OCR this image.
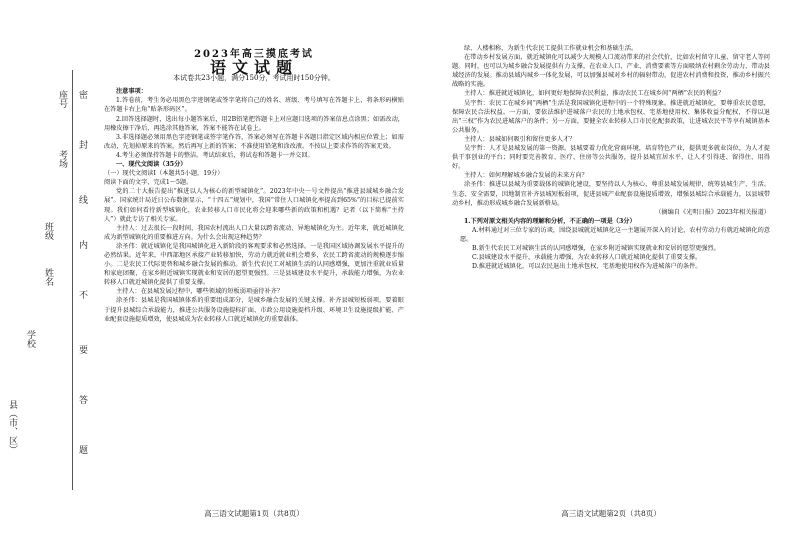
县（市、区）
学校
姓名
班级
考场
座号 密
封
线
内
不
要
答
题
2023年高三摸底考试
语文试题
本试卷共23小题，满分150分，考试用时150分钟。

注意事项：

1.答卷前，考生务必用黑色字迹钢笔或签字笔将自己的姓名、班级、考号填写在答题卡上，将条形码横贴在答题卡右上角“贴条形码区”。

2.回答选择题时，选出每小题答案后，用2B铅笔把答题卡上对应题目选项的答案信息点涂黑；如需改动，用橡皮擦干净后，再选涂其他答案，答案不能答在试卷上。

3.非选择题必须用黑色字迹钢笔或签字笔作答，答案必须写在答题卡各题目指定区域内相应位置上；如需改动，先划掉原来的答案，然后再写上新的答案；不准使用铅笔和涂改液。不按以上要求作答的答案无效。

4.考生必须保持答题卡的整洁。考试结束后，将试卷和答题卡一并交回。

一、现代文阅读（35分）

（一）现代文阅读Ⅰ（本题共5小题，19分）

阅读下面的文字，完成1～5题。

党的二十大报告提出“推进以人为核心的新型城镇化”。2023年中央一号文件提出“推进县域城乡融合发展”。国家统计局近日公布数据显示，“十四五”规划中，我国“常住人口城镇化率提高到65%”的目标已提前实现。我们如何看待新型城镇化，农业转移人口市民化将会迎来哪些新的政策和机遇？记者（以下简称“主持人”）就此专访了相关专家。

主持人：过去很长一段时间，我国农村流出人口大量以跨省流动、异地城镇化为主。近年来，就近城镇化成为新型城镇化的重要推进方向。为什么会出现这种趋势？

涂圣伟：就近城镇化是我国城镇化进入新阶段的客观要求和必然选择。一是我国区域协调发展水平提升的必然结果。近年来，中西部地区承接产业转移加快，劳动力就近就业机会增多，农民工跨省流动的规模逐步缩小。二是农民工代际更替和城乡融合发展的推动。新生代农民工对城镇生活的认同感增强，更加注重就业质量和家庭团聚，在家乡附近城镇实现就业和安居的愿望更强烈。三是县城建设水平提升，承载能力增强，为农业转移人口就近城镇化提供了重要支撑。

主持人：在县城发展过程中，哪些领域的短板弱项亟待补齐？

涂圣伟：县城是我国城镇体系的重要组成部分，是城乡融合发展的关键支撑。补齐县城短板弱项，要着眼于提升县城综合承载能力，推进公共服务设施提标扩面、市政公用设施提档升级、环境卫生设施提级扩能、产业配套设施提质增效，使县城成为农业转移人口就近城镇化的重要载体。

高三语文试题第1页（共8页）

绿、人楼相称，为新生代农民工提供工作就业机会和基础生活。

在带动乡村发展方面，就近城镇化可以减少大规模人口流动带来的社会代价，比如农村留守儿童、留守老人等问题。同时，也可以为城乡融合发展提供有力支撑，在农业人口、产业、消费要素等方面吸纳农村剩余劳动力，带动县域经济的发展。推动县域内城乡一体化发展，可以加强县城对乡村的辐射带动，促进农村消费和投资，推动乡村振兴战略的实施。

主持人：推进就近城镇化，如何更好地保障农民利益，推动农民工在城乡间“两栖”农民的利益？

吴宇哲：农民工在城乡间“两栖”生活是我国城镇化进程中的一个特殊现象。推进就近城镇化，要尊重农民意愿，保障农民合法权益。一方面，要依法维护进城落户农民的土地承包权、宅基地使用权、集体收益分配权，不得以退出“三权”作为农民进城落户的条件；另一方面，要健全农业转移人口市民化配套政策，让进城农民平等享有城镇基本公共服务。

主持人：县城如何吸引和留住更多人才？

吴宇哲：人才是县城发展的第一资源。县城要着力优化营商环境，培育特色产业，提供更多就业岗位，为人才提供干事创业的平台；同时要完善教育、医疗、住房等公共服务，提升县城宜居水平，让人才引得进、留得住、用得好。

主持人：如何理解城乡融合发展的未来方向？

涂圣伟：推进以县城为重要载体的城镇化建设，要坚持以人为核心，尊重县城发展规律，统筹县城生产、生活、生态、安全需要，因地制宜补齐县城短板弱项，促进县城产业配套设施提质增效，增强县城综合承载能力，以县城带动乡村，推动形成城乡融合发展新格局。

（摘编自《光明日报》2023年相关报道）

1.下列对原文相关内容的理解和分析，不正确的一项是（3分）

A.材料通过对三位专家的访谈，围绕县城就近城镇化这一主题展开深入的讨论，农村劳动力有就近城镇化的意愿。

B.新生代农民工对城镇生活的认同感增强，在家乡附近城镇实现就业和安居的愿望更强烈。

C.县城建设水平提升，承载能力增强，为农业转移人口就近城镇化提供了重要支撑。

D.推进就近城镇化，可以农民退出土地承包权、宅基地使用权作为进城落户的条件。

高三语文试题第2页（共8页）
